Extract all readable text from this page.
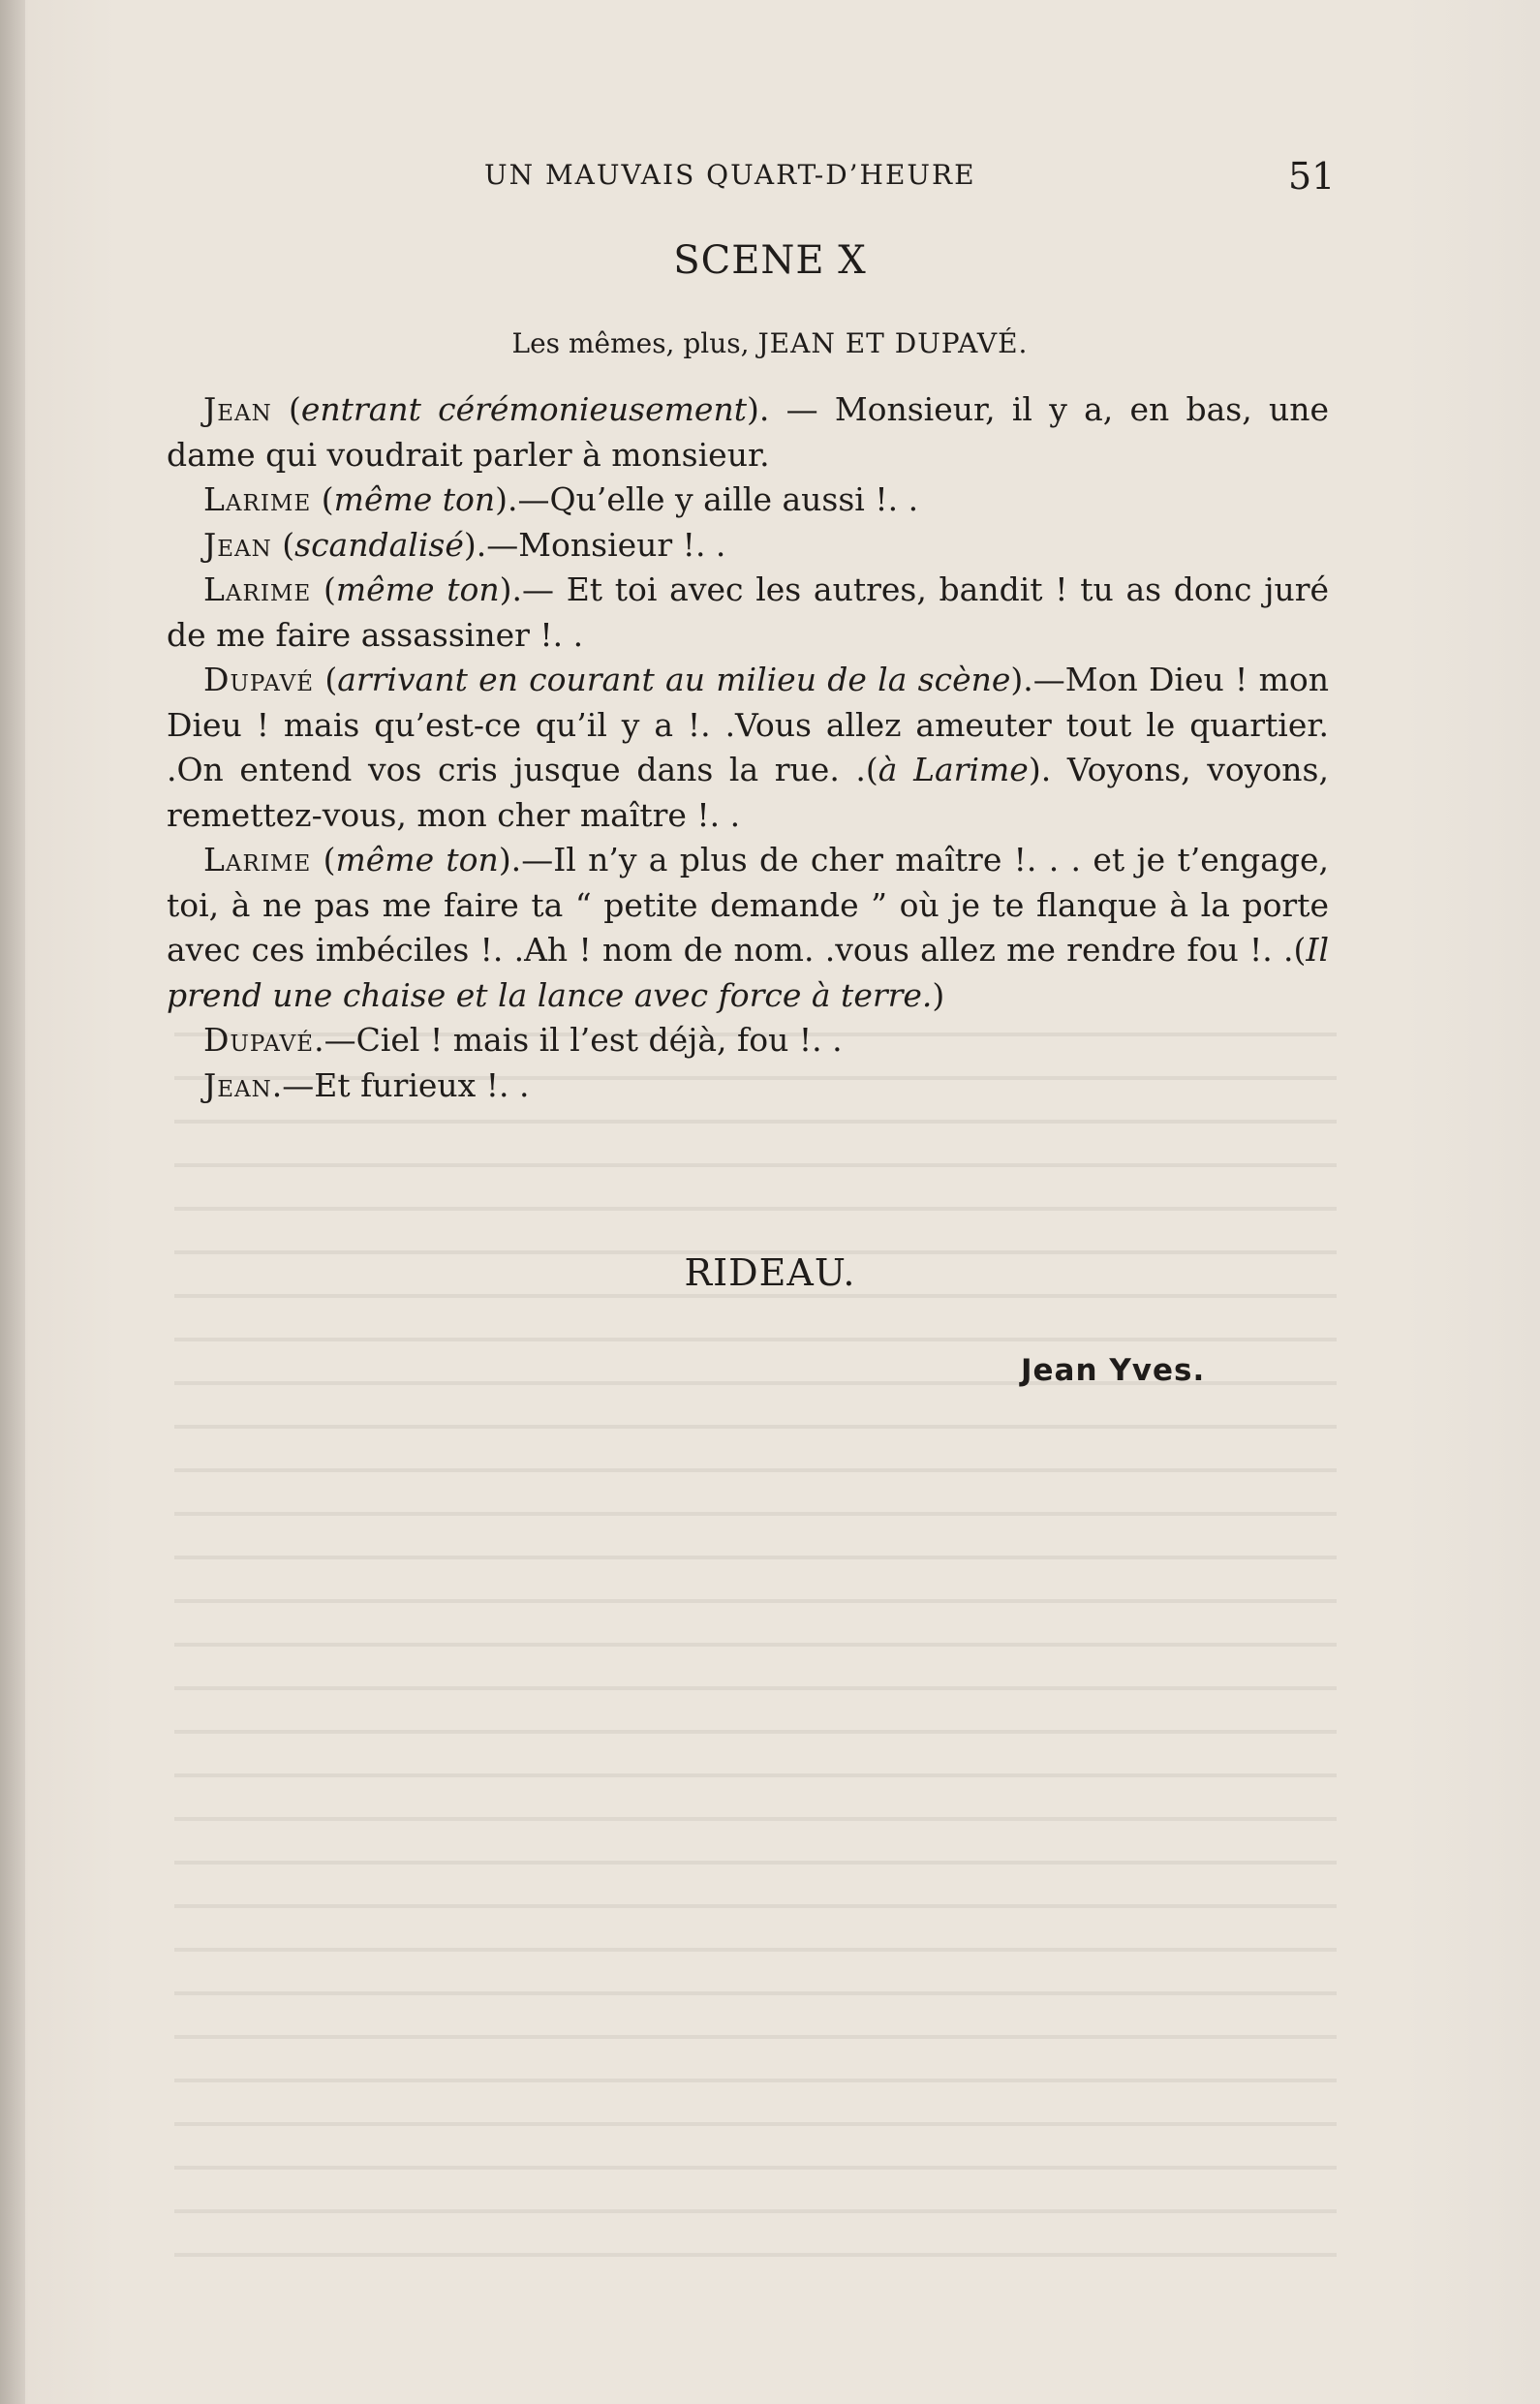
UN MAUVAIS QUART-D’HEURE	51
SCENE X
Les mêmes, plus, JEAN ET DUPAVÉ.

Jean (entrant cérémonieusement). — Monsieur, il y a, en bas, une dame qui voudrait parler à monsieur.

Larime (même ton).—Qu’elle y aille aussi !. .

Jean (scandalisé).—Monsieur !. .

Larime (même ton).— Et toi avec les autres, bandit ! tu as donc juré de me faire assassiner !. .

Dupavé (arrivant en courant au milieu de la scène).—Mon Dieu ! mon Dieu ! mais qu’est-ce qu’il y a !. .Vous allez ameuter tout le quartier. .On entend vos cris jusque dans la rue. .(à Larime). Voyons, voyons, remettez-vous, mon cher maître !. .

Larime (même ton).—Il n’y a plus de cher maître !. . . et je t’engage, toi, à ne pas me faire ta “ petite demande ” où je te flanque à la porte avec ces imbéciles !. .Ah ! nom de nom. .vous allez me rendre fou !. .(Il prend une chaise et la lance avec force à terre.)

Dupavé.—Ciel ! mais il l’est déjà, fou !. .

Jean.—Et furieux !. .

RIDEAU.
Jean Yves.
